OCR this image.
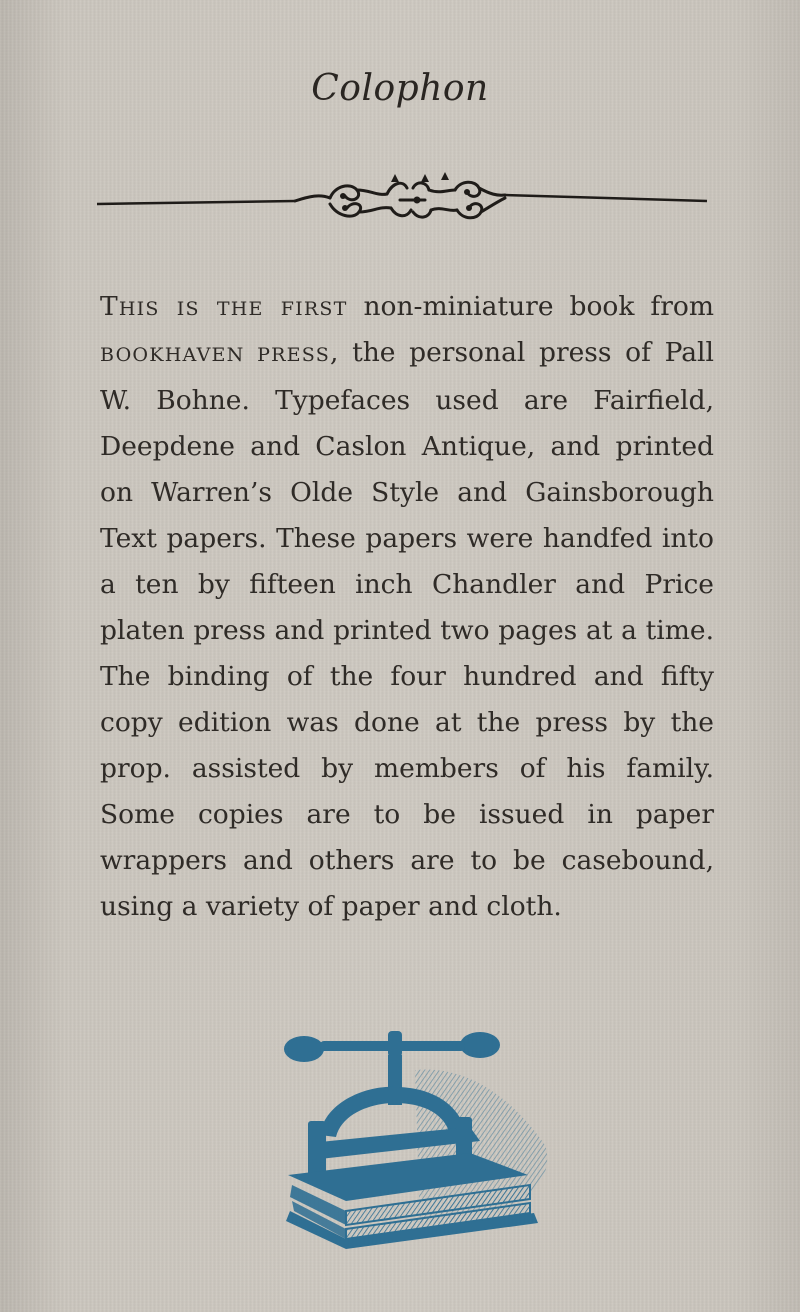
Colophon
This is the first non-miniature book from BOOKHAVEN PRESS, the personal press of Pall W. Bohne. Typefaces used are Fairfield, Deepdene and Caslon Antique, and printed on Warren’s Olde Style and Gainsborough Text papers. These papers were handfed into a ten by fifteen inch Chandler and Price platen press and printed two pages at a time. The binding of the four hundred and fifty copy edition was done at the press by the prop. assisted by members of his family. Some copies are to be issued in paper wrappers and others are to be casebound, using a variety of paper and cloth.
